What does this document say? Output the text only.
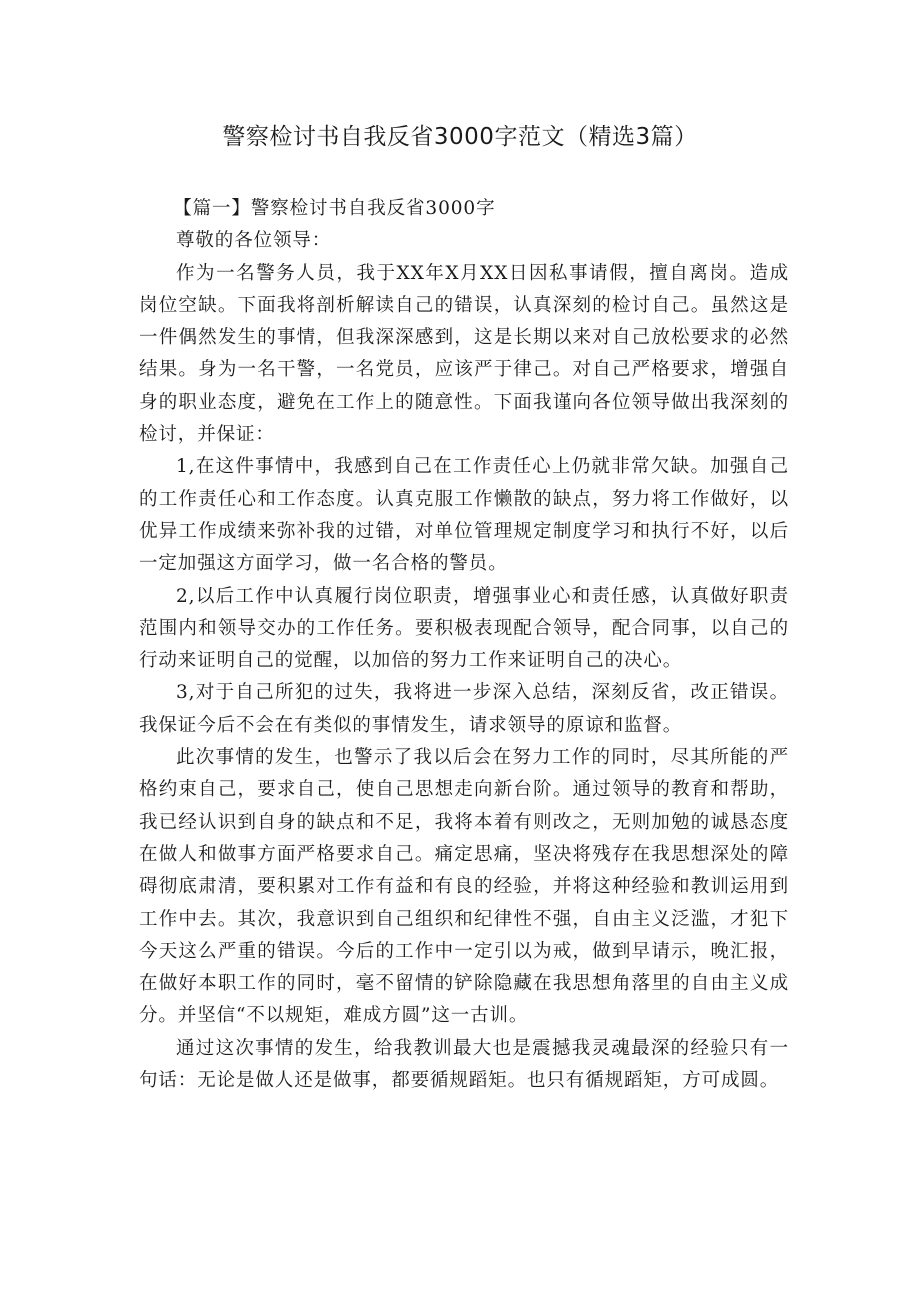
警察检讨书自我反省3000字范文（精选3篇）

【篇一】警察检讨书自我反省3000字

尊敬的各位领导：

作为一名警务人员，我于XX年X月XX日因私事请假，擅自离岗。造成岗位空缺。下面我将剖析解读自己的错误，认真深刻的检讨自己。虽然这是一件偶然发生的事情，但我深深感到，这是长期以来对自己放松要求的必然结果。身为一名干警，一名党员，应该严于律己。对自己严格要求，增强自身的职业态度，避免在工作上的随意性。下面我谨向各位领导做出我深刻的检讨，并保证：

1,在这件事情中，我感到自己在工作责任心上仍就非常欠缺。加强自己的工作责任心和工作态度。认真克服工作懒散的缺点，努力将工作做好，以优异工作成绩来弥补我的过错，对单位管理规定制度学习和执行不好，以后一定加强这方面学习，做一名合格的警员。

2,以后工作中认真履行岗位职责，增强事业心和责任感，认真做好职责范围内和领导交办的工作任务。要积极表现配合领导，配合同事，以自己的行动来证明自己的觉醒，以加倍的努力工作来证明自己的决心。

3,对于自己所犯的过失，我将进一步深入总结，深刻反省，改正错误。我保证今后不会在有类似的事情发生，请求领导的原谅和监督。

此次事情的发生，也警示了我以后会在努力工作的同时，尽其所能的严格约束自己，要求自己，使自己思想走向新台阶。通过领导的教育和帮助，我已经认识到自身的缺点和不足，我将本着有则改之，无则加勉的诚恳态度在做人和做事方面严格要求自己。痛定思痛，坚决将残存在我思想深处的障碍彻底肃清，要积累对工作有益和有良的经验，并将这种经验和教训运用到工作中去。其次，我意识到自己组织和纪律性不强，自由主义泛滥，才犯下今天这么严重的错误。今后的工作中一定引以为戒，做到早请示，晚汇报，在做好本职工作的同时，毫不留情的铲除隐藏在我思想角落里的自由主义成分。并坚信“不以规矩，难成方圆”这一古训。

通过这次事情的发生，给我教训最大也是震撼我灵魂最深的经验只有一句话：无论是做人还是做事，都要循规蹈矩。也只有循规蹈矩，方可成圆。
